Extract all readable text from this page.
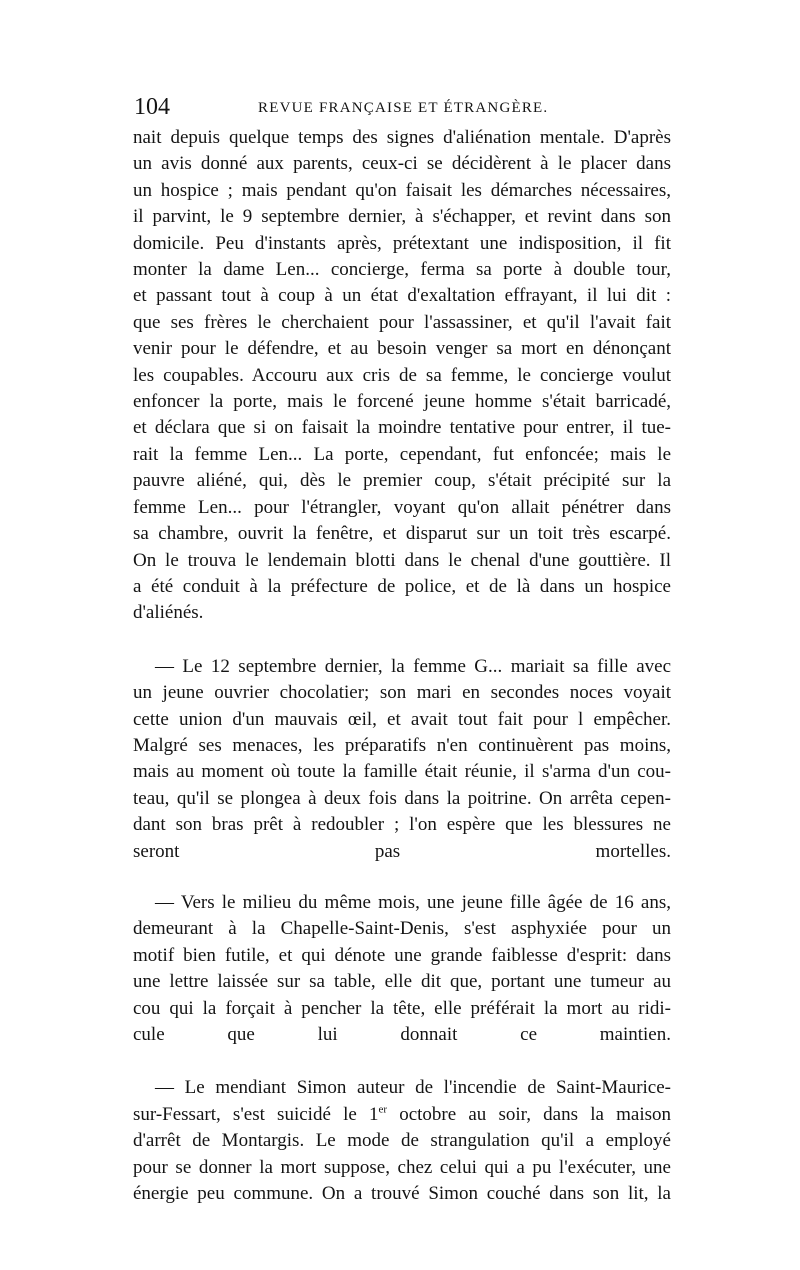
104	REVUE FRANÇAISE ET ÉTRANGÈRE.

nait depuis quelque temps des signes d'aliénation mentale. D'après
un avis donné aux parents, ceux-ci se décidèrent à le placer dans
un hospice ; mais pendant qu'on faisait les démarches nécessaires,
il parvint, le 9 septembre dernier, à s'échapper, et revint dans son
domicile. Peu d'instants après, prétextant une indisposition, il fit
monter la dame Len... concierge, ferma sa porte à double tour,
et passant tout à coup à un état d'exaltation effrayant, il lui dit :
que ses frères le cherchaient pour l'assassiner, et qu'il l'avait fait
venir pour le défendre, et au besoin venger sa mort en dénonçant
les coupables. Accouru aux cris de sa femme, le concierge voulut
enfoncer la porte, mais le forcené jeune homme s'était barricadé,
et déclara que si on faisait la moindre tentative pour entrer, il tue-
rait la femme Len... La porte, cependant, fut enfoncée; mais le
pauvre aliéné, qui, dès le premier coup, s'était précipité sur la
femme Len... pour l'étrangler, voyant qu'on allait pénétrer dans
sa chambre, ouvrit la fenêtre, et disparut sur un toit très escarpé.
On le trouva le lendemain blotti dans le chenal d'une gouttière. Il
a été conduit à la préfecture de police, et de là dans un hospice
d'aliénés.

— Le 12 septembre dernier, la femme G... mariait sa fille avec
un jeune ouvrier chocolatier; son mari en secondes noces voyait
cette union d'un mauvais œil, et avait tout fait pour l empêcher.
Malgré ses menaces, les préparatifs n'en continuèrent pas moins,
mais au moment où toute la famille était réunie, il s'arma d'un cou-
teau, qu'il se plongea à deux fois dans la poitrine. On arrêta cepen-
dant son bras prêt à redoubler ; l'on espère que les blessures ne
seront pas mortelles.

— Vers le milieu du même mois, une jeune fille âgée de 16 ans,
demeurant à la Chapelle-Saint-Denis, s'est asphyxiée pour un
motif bien futile, et qui dénote une grande faiblesse d'esprit: dans
une lettre laissée sur sa table, elle dit que, portant une tumeur au
cou qui la forçait à pencher la tête, elle préférait la mort au ridi-
cule que lui donnait ce maintien.

— Le mendiant Simon auteur de l'incendie de Saint-Maurice-
sur-Fessart, s'est suicidé le 1er octobre au soir, dans la maison
d'arrêt de Montargis. Le mode de strangulation qu'il a employé
pour se donner la mort suppose, chez celui qui a pu l'exécuter, une
énergie peu commune. On a trouvé Simon couché dans son lit, la
